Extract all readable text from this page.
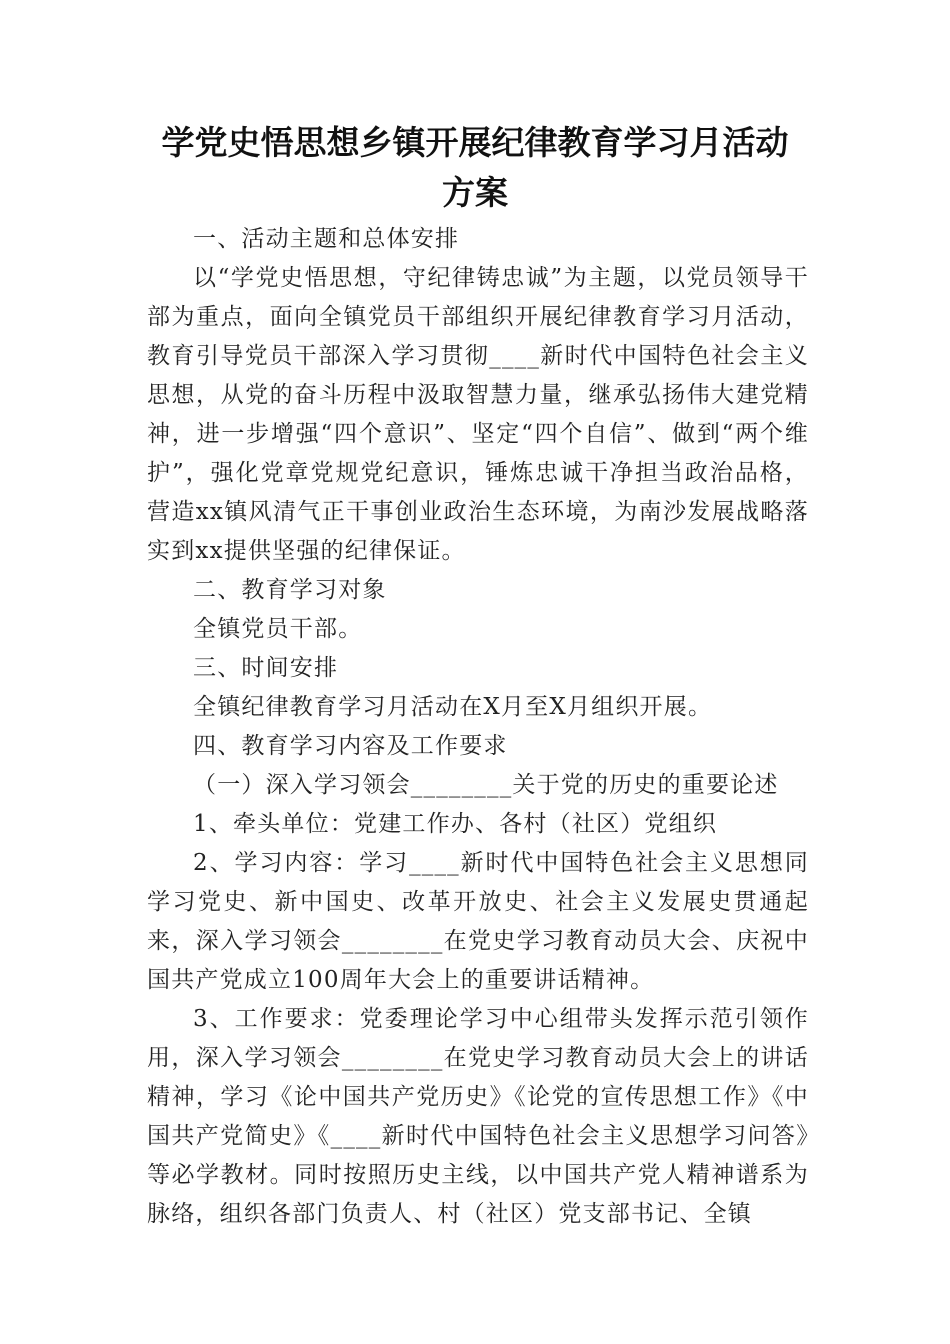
学党史悟思想乡镇开展纪律教育学习月活动
方案

一、活动主题和总体安排

以“学党史悟思想，守纪律铸忠诚”为主题，以党员领导干部为重点，面向全镇党员干部组织开展纪律教育学习月活动，教育引导党员干部深入学习贯彻____新时代中国特色社会主义思想，从党的奋斗历程中汲取智慧力量，继承弘扬伟大建党精神，进一步增强“四个意识”、坚定“四个自信”、做到“两个维护”，强化党章党规党纪意识，锤炼忠诚干净担当政治品格，营造xx镇风清气正干事创业政治生态环境，为南沙发展战略落实到xx提供坚强的纪律保证。

二、教育学习对象

全镇党员干部。

三、时间安排

全镇纪律教育学习月活动在X月至X月组织开展。

四、教育学习内容及工作要求

（一）深入学习领会________关于党的历史的重要论述

1、牵头单位：党建工作办、各村（社区）党组织

2、学习内容：学习____新时代中国特色社会主义思想同学习党史、新中国史、改革开放史、社会主义发展史贯通起来，深入学习领会________在党史学习教育动员大会、庆祝中国共产党成立100周年大会上的重要讲话精神。

3、工作要求：党委理论学习中心组带头发挥示范引领作用，深入学习领会________在党史学习教育动员大会上的讲话精神，学习《论中国共产党历史》《论党的宣传思想工作》《中国共产党简史》《____新时代中国特色社会主义思想学习问答》等必学教材。同时按照历史主线，以中国共产党人精神谱系为脉络，组织各部门负责人、村（社区）党支部书记、全镇
